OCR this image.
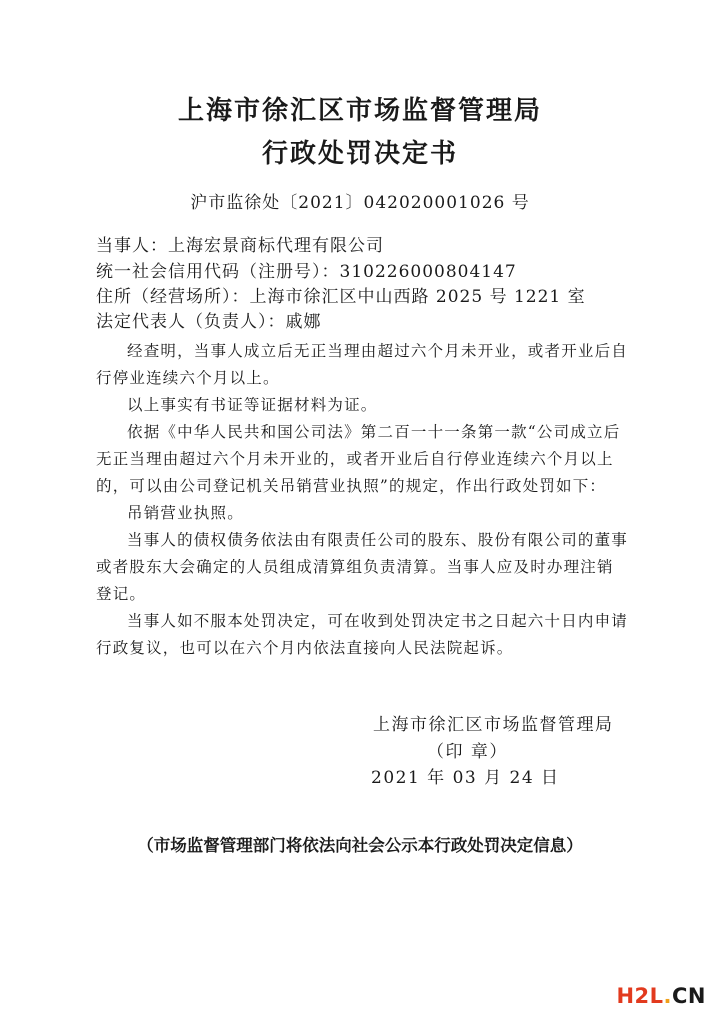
上海市徐汇区市场监督管理局
行政处罚决定书
沪市监徐处〔2021〕042020001026 号
当事人：上海宏景商标代理有限公司
统一社会信用代码（注册号）：310226000804147
住所（经营场所）：上海市徐汇区中山西路 2025 号 1221 室
法定代表人（负责人）：戚娜

经查明，当事人成立后无正当理由超过六个月未开业，或者开业后自行停业连续六个月以上。

以上事实有书证等证据材料为证。

依据《中华人民共和国公司法》第二百一十一条第一款“公司成立后无正当理由超过六个月未开业的，或者开业后自行停业连续六个月以上的，可以由公司登记机关吊销营业执照”的规定，作出行政处罚如下：

吊销营业执照。

当事人的债权债务依法由有限责任公司的股东、股份有限公司的董事或者股东大会确定的人员组成清算组负责清算。当事人应及时办理注销登记。

当事人如不服本处罚决定，可在收到处罚决定书之日起六十日内申请行政复议，也可以在六个月内依法直接向人民法院起诉。

上海市徐汇区市场监督管理局
（印 章）
2021 年 03 月 24 日
（市场监督管理部门将依法向社会公示本行政处罚决定信息）
H2L.CN
